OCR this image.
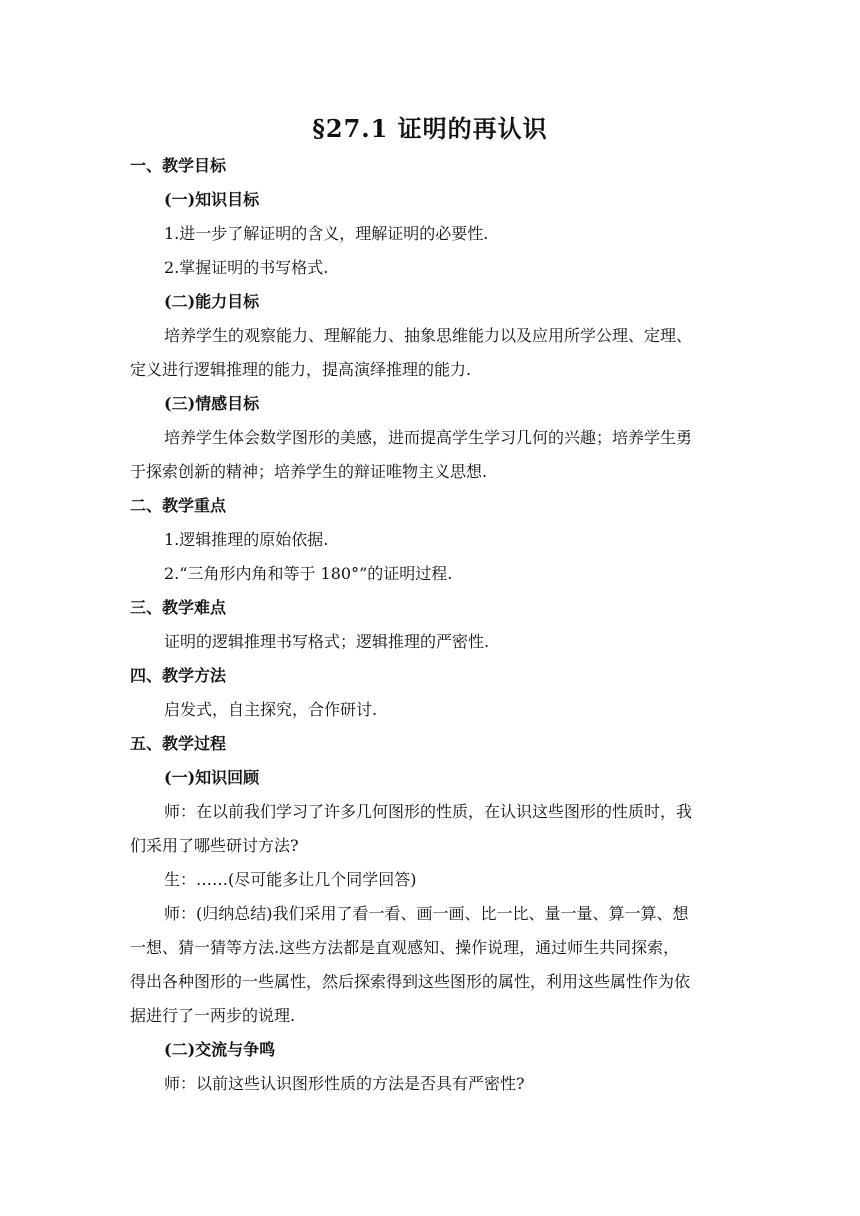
§27.1 证明的再认识

一、教学目标

(一)知识目标

1.进一步了解证明的含义，理解证明的必要性.

2.掌握证明的书写格式.

(二)能力目标

培养学生的观察能力、理解能力、抽象思维能力以及应用所学公理、定理、

定义进行逻辑推理的能力，提高演绎推理的能力.

(三)情感目标

培养学生体会数学图形的美感，进而提高学生学习几何的兴趣；培养学生勇

于探索创新的精神；培养学生的辩证唯物主义思想.

二、教学重点

1.逻辑推理的原始依据.

2.“三角形内角和等于 180°”的证明过程.

三、教学难点

证明的逻辑推理书写格式；逻辑推理的严密性.

四、教学方法

启发式，自主探究，合作研讨.

五、教学过程

(一)知识回顾

师：在以前我们学习了许多几何图形的性质，在认识这些图形的性质时，我

们采用了哪些研讨方法?

生：……(尽可能多让几个同学回答)

师：(归纳总结)我们采用了看一看、画一画、比一比、量一量、算一算、想

一想、猜一猜等方法.这些方法都是直观感知、操作说理，通过师生共同探索，

得出各种图形的一些属性，然后探索得到这些图形的属性，利用这些属性作为依

据进行了一两步的说理.

(二)交流与争鸣

师：以前这些认识图形性质的方法是否具有严密性?
